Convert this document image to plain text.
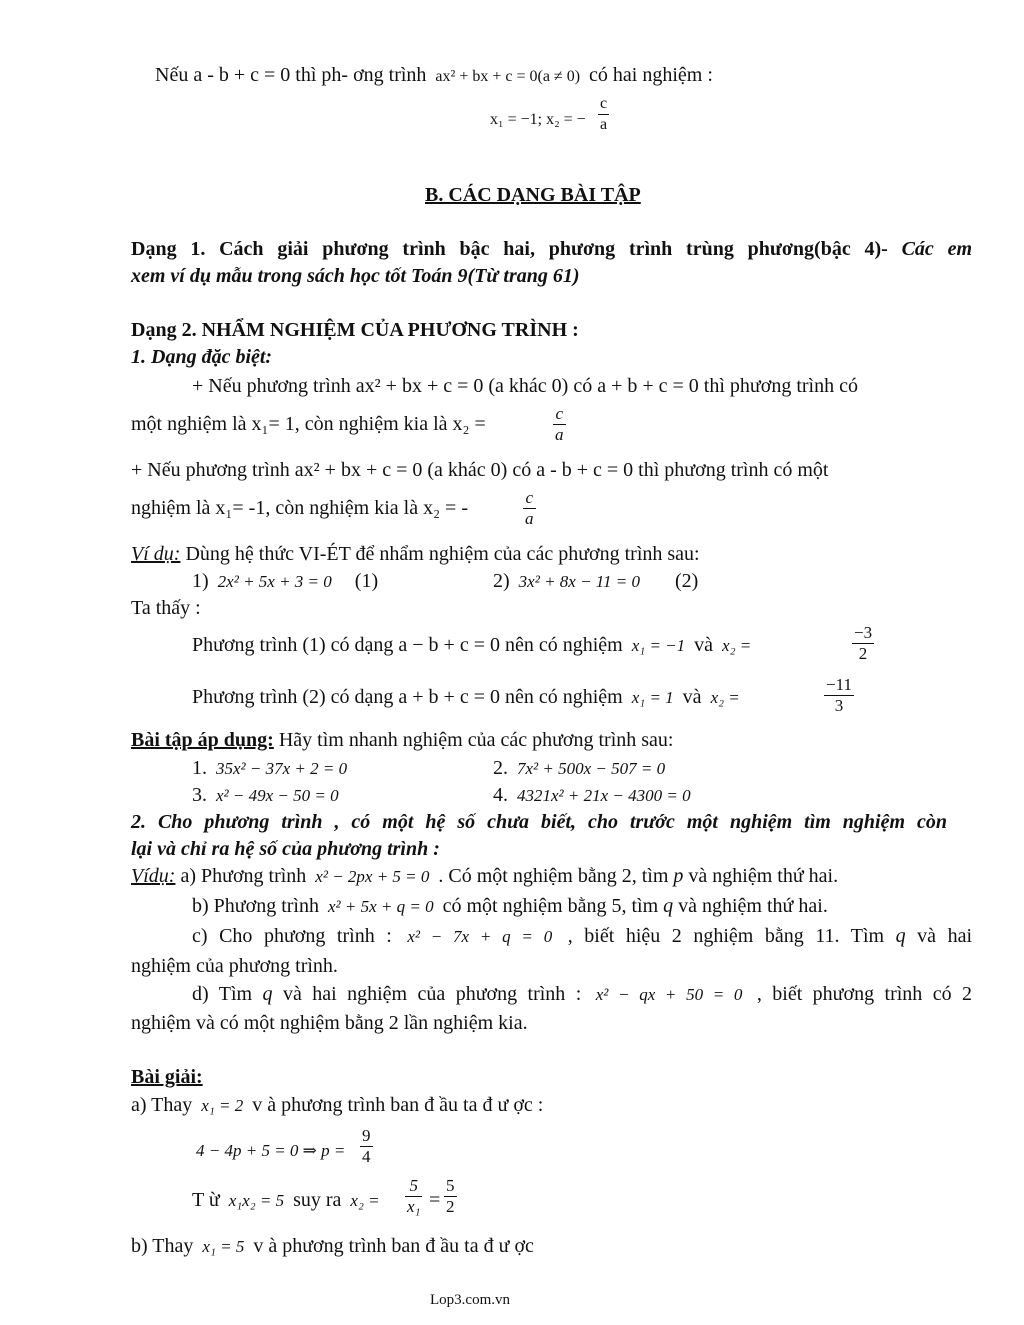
Nếu a - b + c = 0 thì ph- ơng trình ax² + bx + c = 0(a ≠ 0) có hai nghiệm :
x₁ = −1; x₂ = − $\frac{c}{a}$
B. CÁC DẠNG BÀI TẬP
Dạng 1. Cách giải phương trình bậc hai, phương trình trùng phương(bậc 4)- Các em
xem ví dụ mẫu trong sách học tốt Toán 9(Từ trang 61)
Dạng 2. NHẨM NGHIỆM CỦA PHƯƠNG TRÌNH :
1. Dạng đặc biệt:
+ Nếu phương trình ax² + bx + c = 0 (a khác 0) có a + b + c = 0 thì phương trình có
một nghiệm là x₁= 1, còn nghiệm kia là x₂ =	$\frac{c}{a}$
+ Nếu phương trình ax² + bx + c = 0 (a khác 0) có a - b + c = 0 thì phương trình có một
nghiệm là x₁= -1, còn nghiệm kia là x₂ = -	$\frac{c}{a}$
Ví dụ: Dùng hệ thức VI-ÉT để nhẩm nghiệm của các phương trình sau:
1) 2x² + 5x + 3 = 0 (1)	2) 3x² + 8x − 11 = 0 (2)
Ta thấy :
Phương trình (1) có dạng a − b + c = 0 nên có nghiệm x₁ = −1 và x₂ =	$\frac{-3}{2}$
Phương trình (2) có dạng a + b + c = 0 nên có nghiệm x₁ = 1 và x₂ =	$\frac{-11}{3}$
Bài tập áp dụng: Hãy tìm nhanh nghiệm của các phương trình sau:
1. 35x² − 37x + 2 = 0	2. 7x² + 500x − 507 = 0
3. x² − 49x − 50 = 0	4. 4321x² + 21x − 4300 = 0
2. Cho phương trình , có một hệ số chưa biết, cho trước một nghiệm tìm nghiệm còn
lại và chỉ ra hệ số của phương trình :
Vídụ: a) Phương trình x² − 2px + 5 = 0 . Có một nghiệm bằng 2, tìm p và nghiệm thứ hai.
b) Phương trình x² + 5x + q = 0 có một nghiệm bằng 5, tìm q và nghiệm thứ hai.
c) Cho phương trình : x² − 7x + q = 0 , biết hiệu 2 nghiệm bằng 11. Tìm q và hai
nghiệm của phương trình.
d) Tìm q và hai nghiệm của phương trình : x² − qx + 50 = 0 , biết phương trình có 2
nghiệm và có một nghiệm bằng 2 lần nghiệm kia.
Bài giải:
a) Thay x₁ = 2 v à phương trình ban đ ầu ta đ ư ợc :
4 − 4p + 5 = 0 ⇒ $p = \frac{9}{4}$
T ừ x₁x₂ = 5 suy ra $x_2 = \frac{5}{\text{x₁}} = \frac{5}{2}$
b) Thay x₁ = 5 v à phương trình ban đ ầu ta đ ư ợc
Lop3.com.vn
